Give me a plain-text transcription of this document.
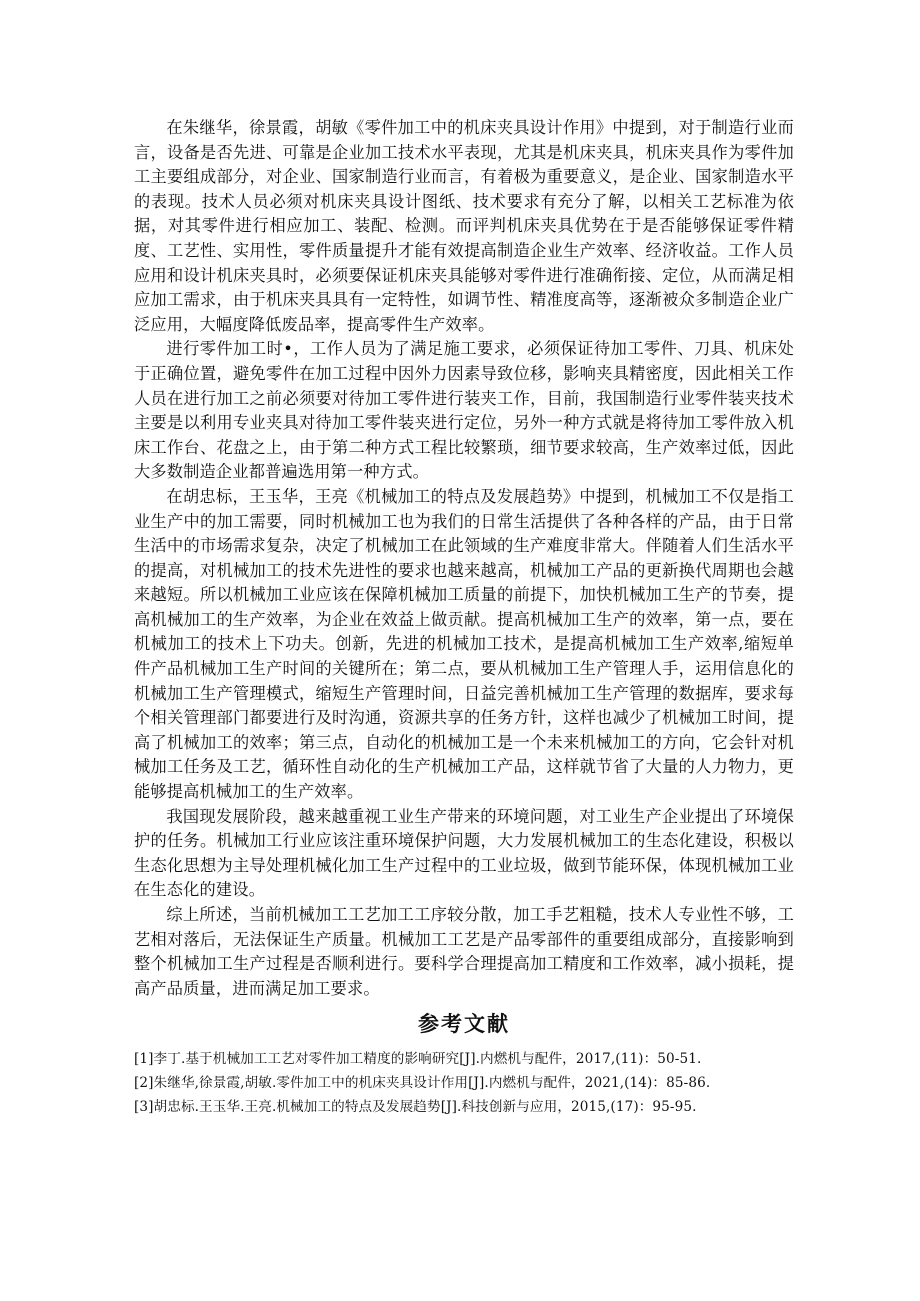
在朱继华，徐景霞，胡敏《零件加工中的机床夹具设计作用》中提到，对于制造行业而言，设备是否先进、可靠是企业加工技术水平表现，尤其是机床夹具，机床夹具作为零件加工主要组成部分，对企业、国家制造行业而言，有着极为重要意义，是企业、国家制造水平的表现。技术人员必须对机床夹具设计图纸、技术要求有充分了解，以相关工艺标准为依据，对其零件进行相应加工、装配、检测。而评判机床夹具优势在于是否能够保证零件精度、工艺性、实用性，零件质量提升才能有效提高制造企业生产效率、经济收益。工作人员应用和设计机床夹具时，必须要保证机床夹具能够对零件进行准确衔接、定位，从而满足相应加工需求，由于机床夹具具有一定特性，如调节性、精准度高等，逐渐被众多制造企业广泛应用，大幅度降低废品率，提高零件生产效率。

进行零件加工时•，工作人员为了满足施工要求，必须保证待加工零件、刀具、机床处于正确位置，避免零件在加工过程中因外力因素导致位移，影响夹具精密度，因此相关工作人员在进行加工之前必须要对待加工零件进行装夹工作，目前，我国制造行业零件装夹技术主要是以利用专业夹具对待加工零件装夹进行定位，另外一种方式就是将待加工零件放入机床工作台、花盘之上，由于第二种方式工程比较繁琐，细节要求较高，生产效率过低，因此大多数制造企业都普遍选用第一种方式。

在胡忠标，王玉华，王亮《机械加工的特点及发展趋势》中提到，机械加工不仅是指工业生产中的加工需要，同时机械加工也为我们的日常生活提供了各种各样的产品，由于日常生活中的市场需求复杂，决定了机械加工在此领域的生产难度非常大。伴随着人们生活水平的提高，对机械加工的技术先进性的要求也越来越高，机械加工产品的更新换代周期也会越来越短。所以机械加工业应该在保障机械加工质量的前提下，加快机械加工生产的节奏，提高机械加工的生产效率，为企业在效益上做贡献。提高机械加工生产的效率，第一点，要在机械加工的技术上下功夫。创新，先进的机械加工技术，是提高机械加工生产效率,缩短单件产品机械加工生产时间的关键所在；第二点，要从机械加工生产管理人手，运用信息化的机械加工生产管理模式，缩短生产管理时间，日益完善机械加工生产管理的数据库，要求每个相关管理部门都要进行及时沟通，资源共享的任务方针，这样也减少了机械加工时间，提高了机械加工的效率；第三点，自动化的机械加工是一个未来机械加工的方向，它会针对机械加工任务及工艺，循环性自动化的生产机械加工产品，这样就节省了大量的人力物力，更能够提高机械加工的生产效率。

我国现发展阶段，越来越重视工业生产带来的环境问题，对工业生产企业提出了环境保护的任务。机械加工行业应该注重环境保护问题，大力发展机械加工的生态化建设，积极以生态化思想为主导处理机械化加工生产过程中的工业垃圾，做到节能环保，体现机械加工业在生态化的建设。

综上所述，当前机械加工工艺加工工序较分散，加工手艺粗糙，技术人专业性不够，工艺相对落后，无法保证生产质量。机械加工工艺是产品零部件的重要组成部分，直接影响到整个机械加工生产过程是否顺利进行。要科学合理提高加工精度和工作效率，减小损耗，提高产品质量，进而满足加工要求。

参考文献
[1]李丁.基于机械加工工艺对零件加工精度的影响研究[J].内燃机与配件，2017,(11)：50-51.
[2]朱继华,徐景霞,胡敏.零件加工中的机床夹具设计作用[J].内燃机与配件，2021,(14)：85-86.
[3]胡忠标.王玉华.王亮.机械加工的特点及发展趋势[J].科技创新与应用，2015,(17)：95-95.
